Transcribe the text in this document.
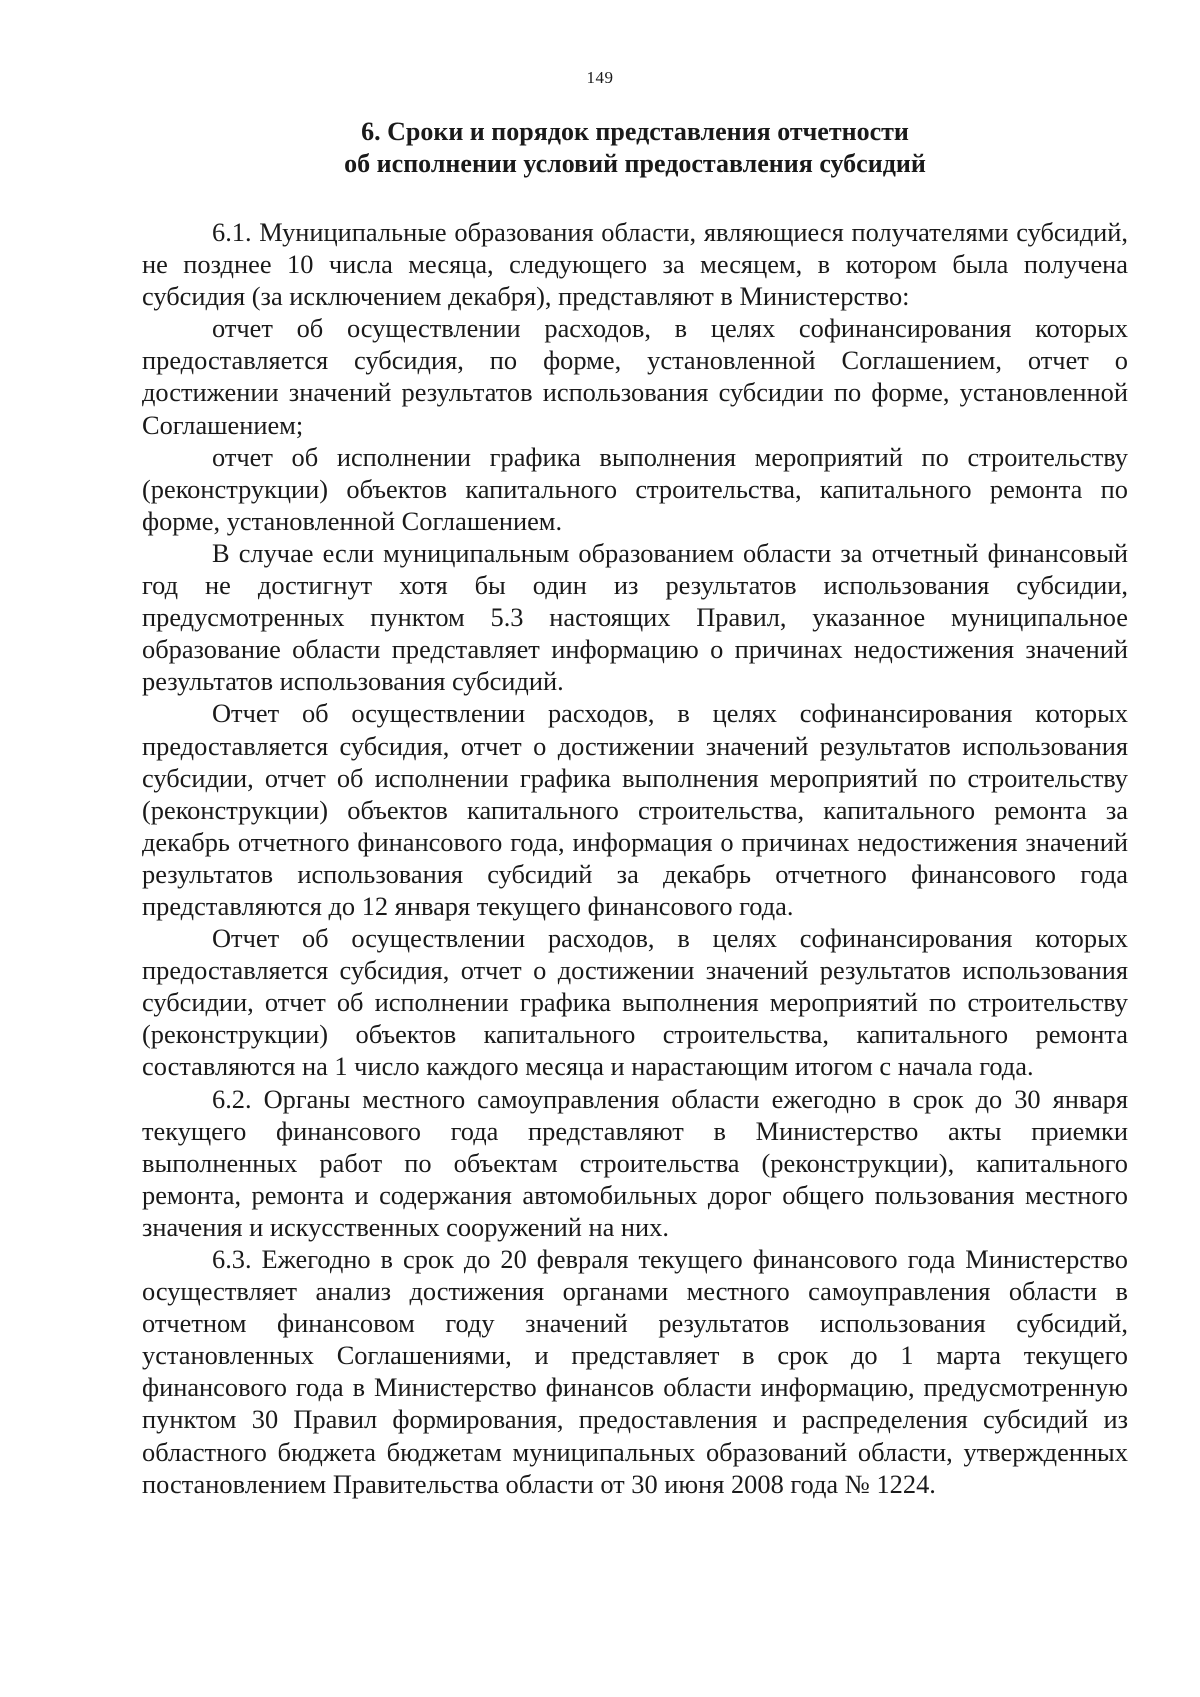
149
6. Сроки и порядок представления отчетности
об исполнении условий предоставления субсидий

6.1. Муниципальные образования области, являющиеся получателями субсидий, не позднее 10 числа месяца, следующего за месяцем, в котором была получена субсидия (за исключением декабря), представляют в Министерство:

отчет об осуществлении расходов, в целях софинансирования которых предоставляется субсидия, по форме, установленной Соглашением, отчет о достижении значений результатов использования субсидии по форме, установленной Соглашением;

отчет об исполнении графика выполнения мероприятий по строительству (реконструкции) объектов капитального строительства, капитального ремонта по форме, установленной Соглашением.

В случае если муниципальным образованием области за отчетный финансовый год не достигнут хотя бы один из результатов использования субсидии, предусмотренных пунктом 5.3 настоящих Правил, указанное муниципальное образование области представляет информацию о причинах недостижения значений результатов использования субсидий.

Отчет об осуществлении расходов, в целях софинансирования которых предоставляется субсидия, отчет о достижении значений результатов использования субсидии, отчет об исполнении графика выполнения мероприятий по строительству (реконструкции) объектов капитального строительства, капитального ремонта за декабрь отчетного финансового года, информация о причинах недостижения значений результатов использования субсидий за декабрь отчетного финансового года представляются до 12 января текущего финансового года.

Отчет об осуществлении расходов, в целях софинансирования которых предоставляется субсидия, отчет о достижении значений результатов использования субсидии, отчет об исполнении графика выполнения мероприятий по строительству (реконструкции) объектов капитального строительства, капитального ремонта составляются на 1 число каждого месяца и нарастающим итогом с начала года.

6.2. Органы местного самоуправления области ежегодно в срок до 30 января текущего финансового года представляют в Министерство акты приемки выполненных работ по объектам строительства (реконструкции), капитального ремонта, ремонта и содержания автомобильных дорог общего пользования местного значения и искусственных сооружений на них.

6.3. Ежегодно в срок до 20 февраля текущего финансового года Министерство осуществляет анализ достижения органами местного самоуправления области в отчетном финансовом году значений результатов использования субсидий, установленных Соглашениями, и представляет в срок до 1 марта текущего финансового года в Министерство финансов области информацию, предусмотренную пунктом 30 Правил формирования, предоставления и распределения субсидий из областного бюджета бюджетам муниципальных образований области, утвержденных постановлением Правительства области от 30 июня 2008 года № 1224.
